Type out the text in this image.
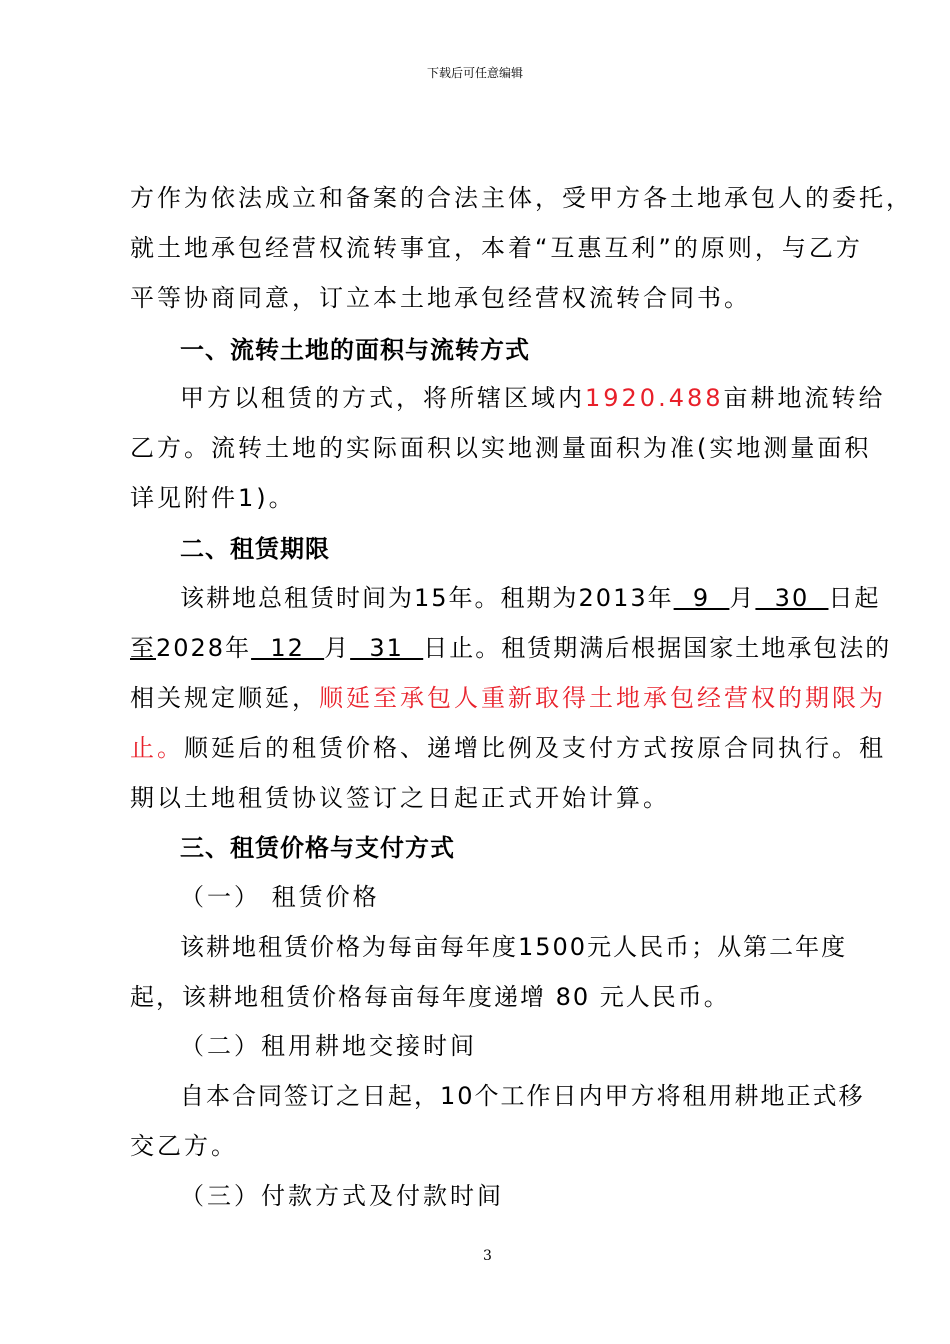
下载后可任意编辑
方作为依法成立和备案的合法主体，受甲方各土地承包人的委托，
就土地承包经营权流转事宜，本着“互惠互利”的原则，与乙方
平等协商同意，订立本土地承包经营权流转合同书。
一、流转土地的面积与流转方式
甲方以租赁的方式，将所辖区域内1920.488亩耕地流转给
乙方。流转土地的实际面积以实地测量面积为准(实地测量面积
详见附件1)。
二、租赁期限
该耕地总租赁时间为15年。租期为2013年  9  月  30  日起
至2028年  12  月  31  日止。租赁期满后根据国家土地承包法的
相关规定顺延，顺延至承包人重新取得土地承包经营权的期限为
止。顺延后的租赁价格、递增比例及支付方式按原合同执行。租
期以土地租赁协议签订之日起正式开始计算。
三、租赁价格与支付方式
（一） 租赁价格
该耕地租赁价格为每亩每年度1500元人民币；从第二年度
起，该耕地租赁价格每亩每年度递增 80 元人民币。
（二）租用耕地交接时间
自本合同签订之日起，10个工作日内甲方将租用耕地正式移
交乙方。
（三）付款方式及付款时间
3
